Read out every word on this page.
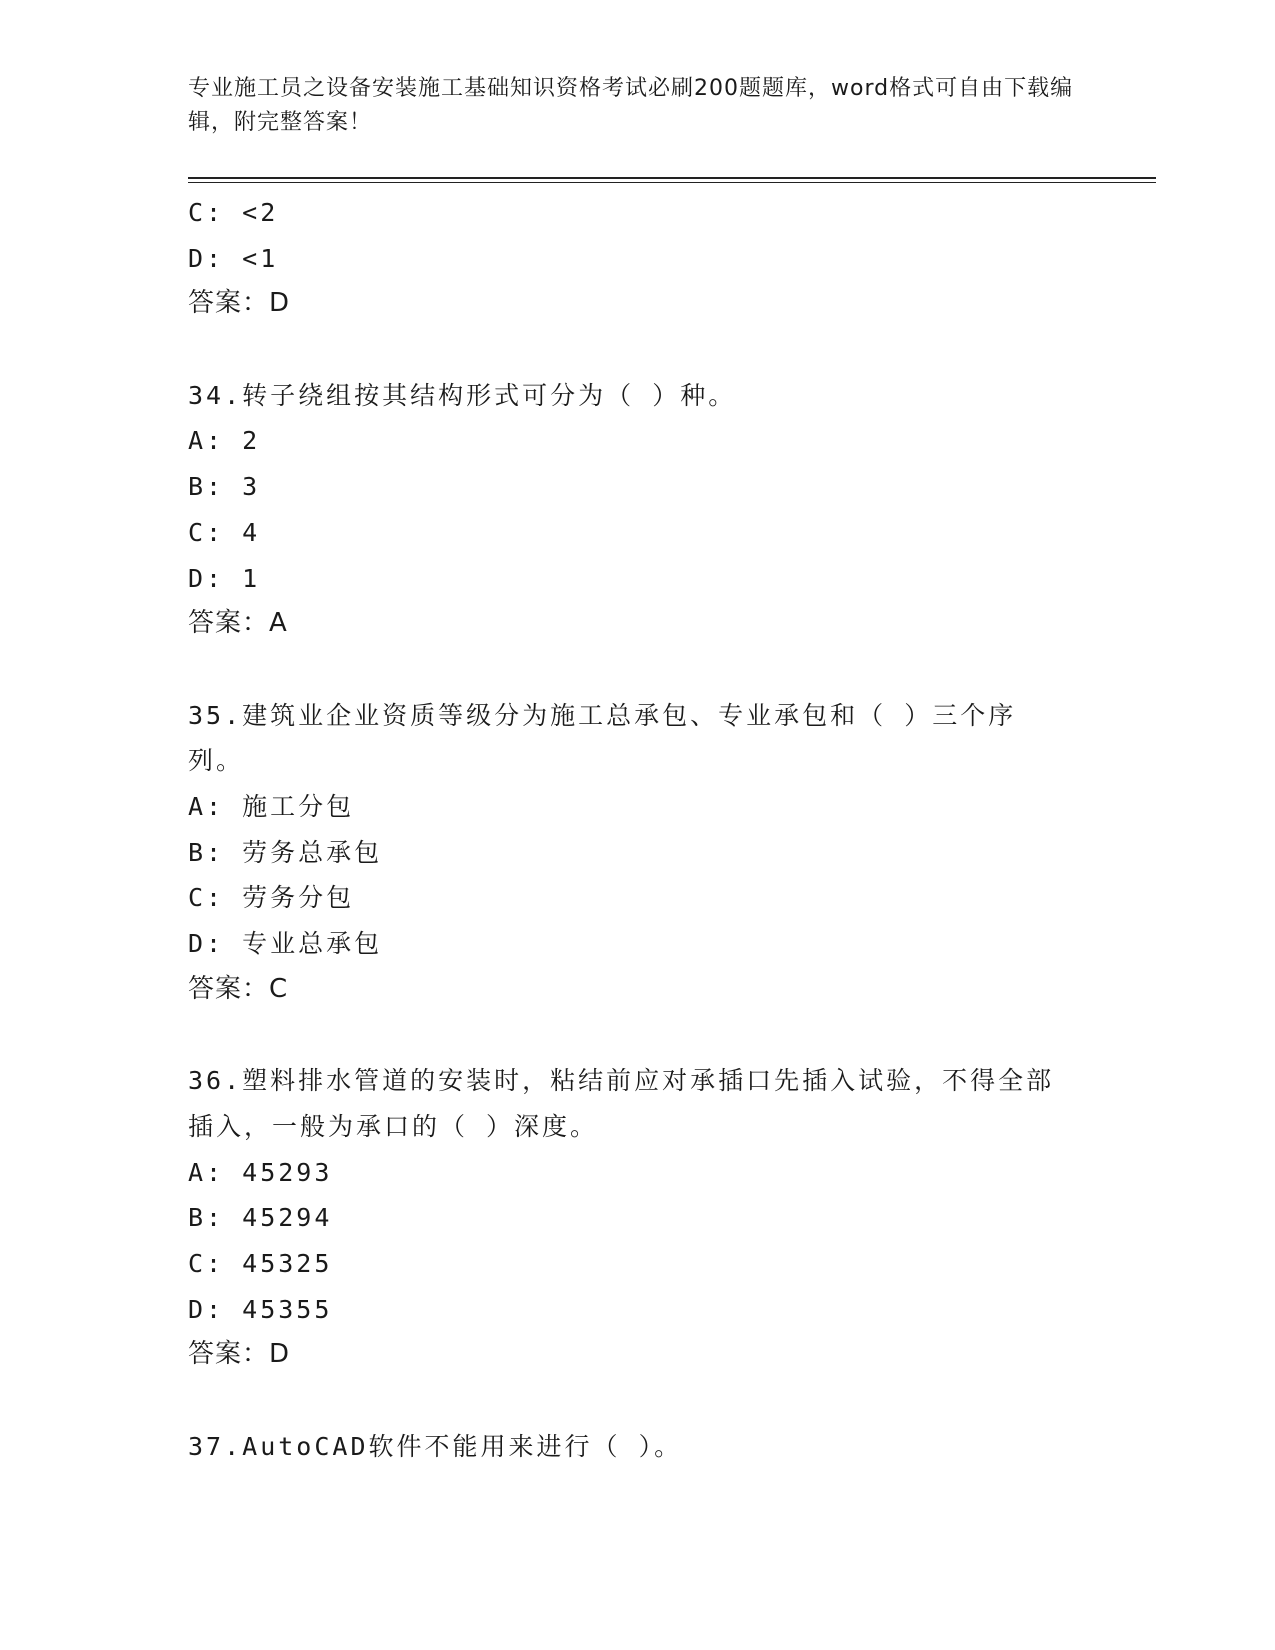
专业施工员之设备安装施工基础知识资格考试必刷200题题库，word格式可自由下载编辑，附完整答案！
C: <2
D: <1
答案：D
34.转子绕组按其结构形式可分为（ ）种。
A: 2
B: 3
C: 4
D: 1
答案：A
35.建筑业企业资质等级分为施工总承包、专业承包和（ ）三个序列。
A: 施工分包
B: 劳务总承包
C: 劳务分包
D: 专业总承包
答案：C
36.塑料排水管道的安装时，粘结前应对承插口先插入试验，不得全部插入，一般为承口的（ ）深度。
A: 45293
B: 45294
C: 45325
D: 45355
答案：D
37.AutoCAD软件不能用来进行（ ）。
